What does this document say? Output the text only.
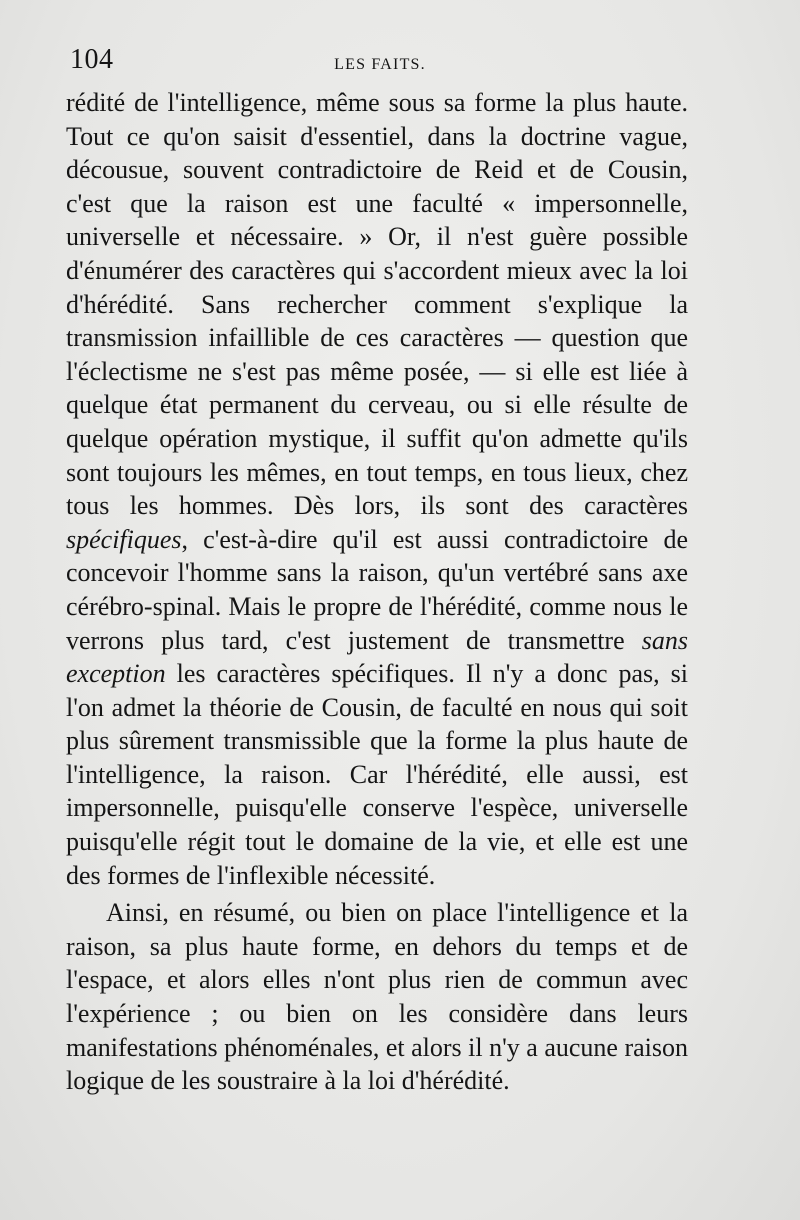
104	LES FAITS.

rédité de l'intelligence, même sous sa forme la plus haute. Tout ce qu'on saisit d'essentiel, dans la doctrine vague, décousue, souvent contradictoire de Reid et de Cousin, c'est que la raison est une faculté « impersonnelle, universelle et nécessaire. » Or, il n'est guère possible d'énumérer des caractères qui s'accordent mieux avec la loi d'hérédité. Sans rechercher comment s'explique la transmission infaillible de ces caractères — question que l'éclectisme ne s'est pas même posée, — si elle est liée à quelque état permanent du cerveau, ou si elle résulte de quelque opération mystique, il suffit qu'on admette qu'ils sont toujours les mêmes, en tout temps, en tous lieux, chez tous les hommes. Dès lors, ils sont des caractères spécifiques, c'est-à-dire qu'il est aussi contradictoire de concevoir l'homme sans la raison, qu'un vertébré sans axe cérébro-spinal. Mais le propre de l'hérédité, comme nous le verrons plus tard, c'est justement de transmettre sans exception les caractères spécifiques. Il n'y a donc pas, si l'on admet la théorie de Cousin, de faculté en nous qui soit plus sûrement transmissible que la forme la plus haute de l'intelligence, la raison. Car l'hérédité, elle aussi, est impersonnelle, puisqu'elle conserve l'espèce, universelle puisqu'elle régit tout le domaine de la vie, et elle est une des formes de l'inflexible nécessité.

Ainsi, en résumé, ou bien on place l'intelligence et la raison, sa plus haute forme, en dehors du temps et de l'espace, et alors elles n'ont plus rien de commun avec l'expérience ; ou bien on les considère dans leurs manifestations phénoménales, et alors il n'y a aucune raison logique de les soustraire à la loi d'hérédité.
